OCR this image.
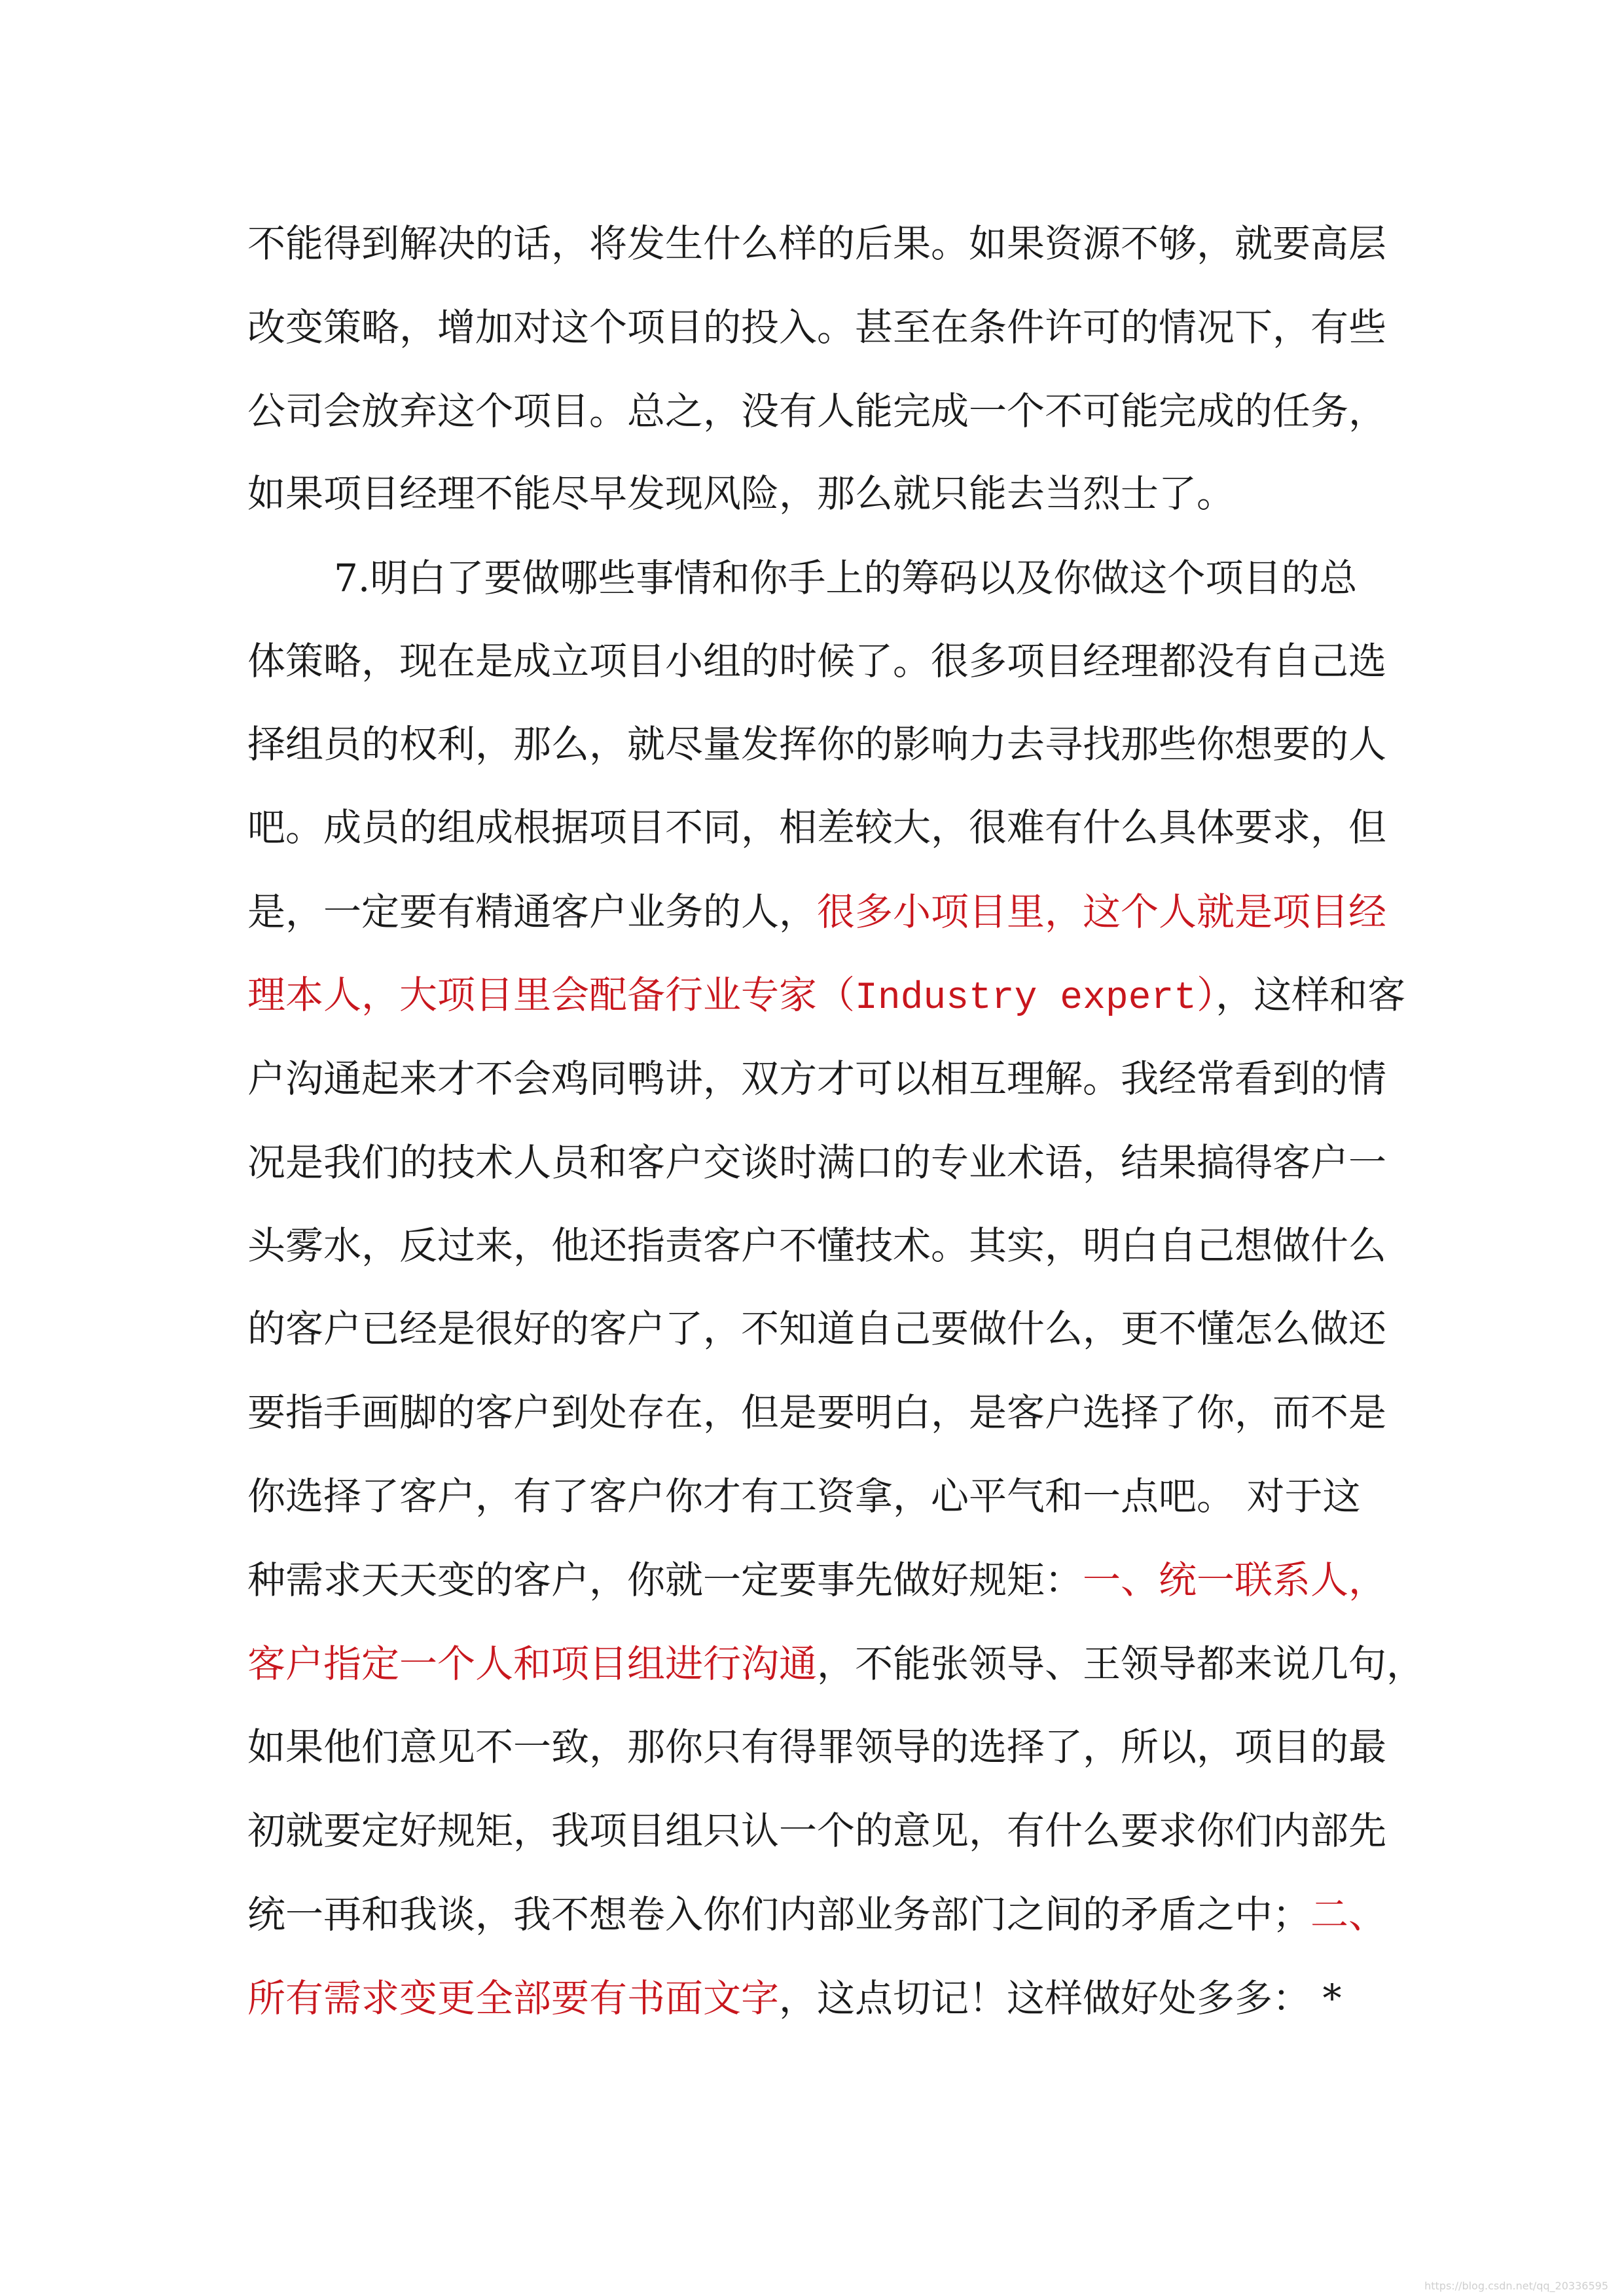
不能得到解决的话，将发生什么样的后果。如果资源不够，就要高层
改变策略，增加对这个项目的投入。甚至在条件许可的情况下，有些
公司会放弃这个项目。总之，没有人能完成一个不可能完成的任务，
如果项目经理不能尽早发现风险，那么就只能去当烈士了。
7.明白了要做哪些事情和你手上的筹码以及你做这个项目的总
体策略，现在是成立项目小组的时候了。很多项目经理都没有自己选
择组员的权利，那么，就尽量发挥你的影响力去寻找那些你想要的人
吧。成员的组成根据项目不同，相差较大，很难有什么具体要求，但
是，一定要有精通客户业务的人，很多小项目里，这个人就是项目经
理本人，大项目里会配备行业专家（Industry expert），这样和客
户沟通起来才不会鸡同鸭讲，双方才可以相互理解。我经常看到的情
况是我们的技术人员和客户交谈时满口的专业术语，结果搞得客户一
头雾水，反过来，他还指责客户不懂技术。其实，明白自己想做什么
的客户已经是很好的客户了，不知道自己要做什么，更不懂怎么做还
要指手画脚的客户到处存在，但是要明白，是客户选择了你，而不是
你选择了客户，有了客户你才有工资拿，心平气和一点吧。 对于这
种需求天天变的客户，你就一定要事先做好规矩：一、统一联系人，
客户指定一个人和项目组进行沟通，不能张领导、王领导都来说几句，
如果他们意见不一致，那你只有得罪领导的选择了，所以，项目的最
初就要定好规矩，我项目组只认一个的意见，有什么要求你们内部先
统一再和我谈，我不想卷入你们内部业务部门之间的矛盾之中；二、
所有需求变更全部要有书面文字，这点切记！这样做好处多多： *
https://blog.csdn.net/qq_20336595
